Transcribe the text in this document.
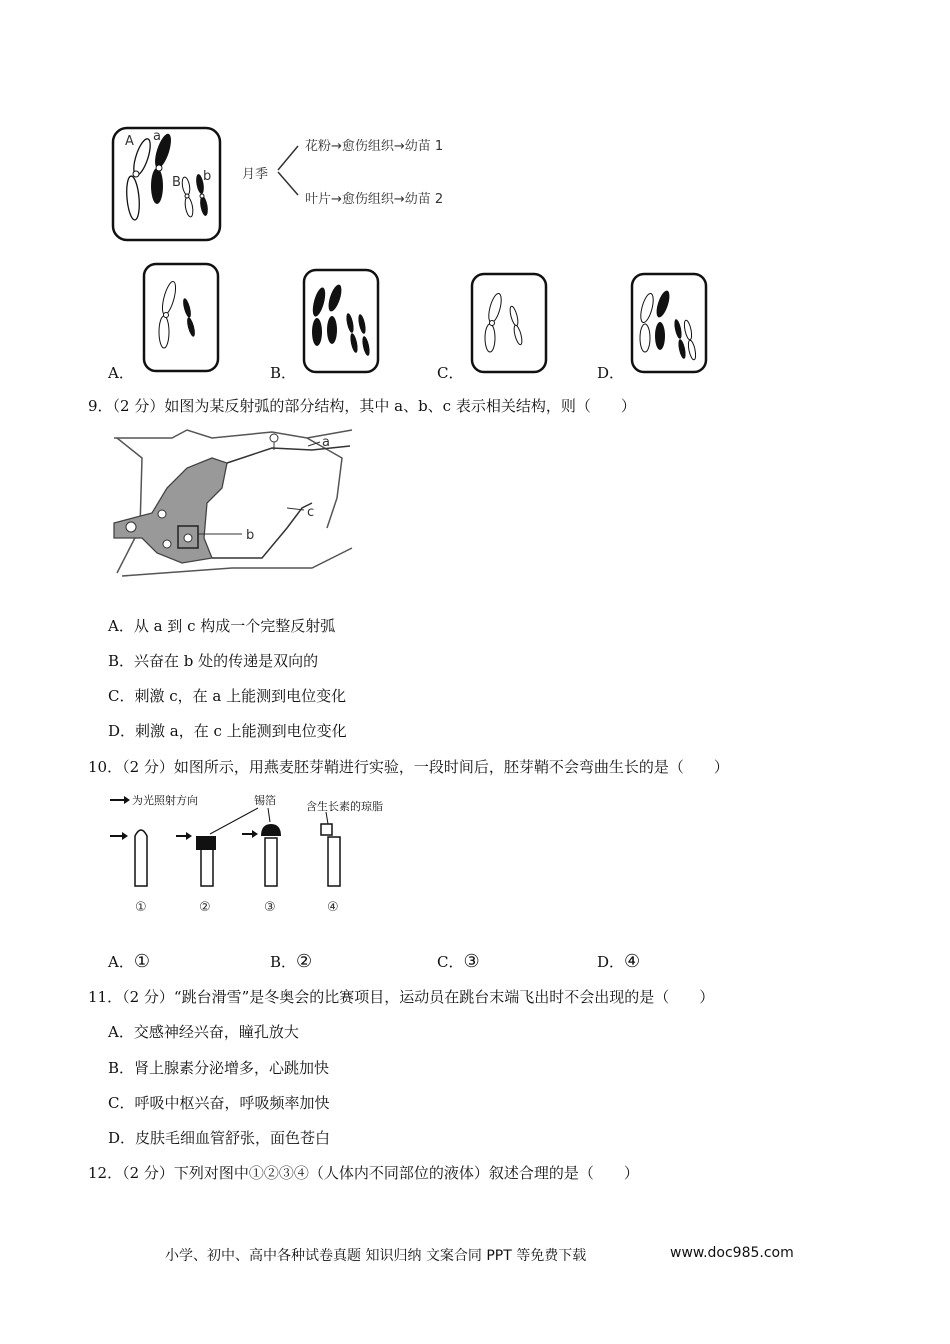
A a
B b 月季
花粉→愈伤组织→幼苗 1
叶片→愈伤组织→幼苗 2
A．	B．	C．	D．
9．（2 分）如图为某反射弧的部分结构，其中 a、b、c 表示相关结构，则（　　）
a
c
b
A．从 a 到 c 构成一个完整反射弧
B．兴奋在 b 处的传递是双向的
C．刺激 c，在 a 上能测到电位变化
D．刺激 a，在 c 上能测到电位变化
10．（2 分）如图所示，用燕麦胚芽鞘进行实验，一段时间后，胚芽鞘不会弯曲生长的是（　　）
为光照射方向	锡箔	含生长素的琼脂
①	②	③	④
A．①	B．②	C．③	D．④
11．（2 分）“跳台滑雪”是冬奥会的比赛项目，运动员在跳台末端飞出时不会出现的是（　　）
A．交感神经兴奋，瞳孔放大
B．肾上腺素分泌增多，心跳加快
C．呼吸中枢兴奋，呼吸频率加快
D．皮肤毛细血管舒张，面色苍白
12．（2 分）下列对图中①②③④（人体内不同部位的液体）叙述合理的是（　　）
小学、初中、高中各种试卷真题 知识归纳 文案合同 PPT 等免费下载	www.doc985.com
